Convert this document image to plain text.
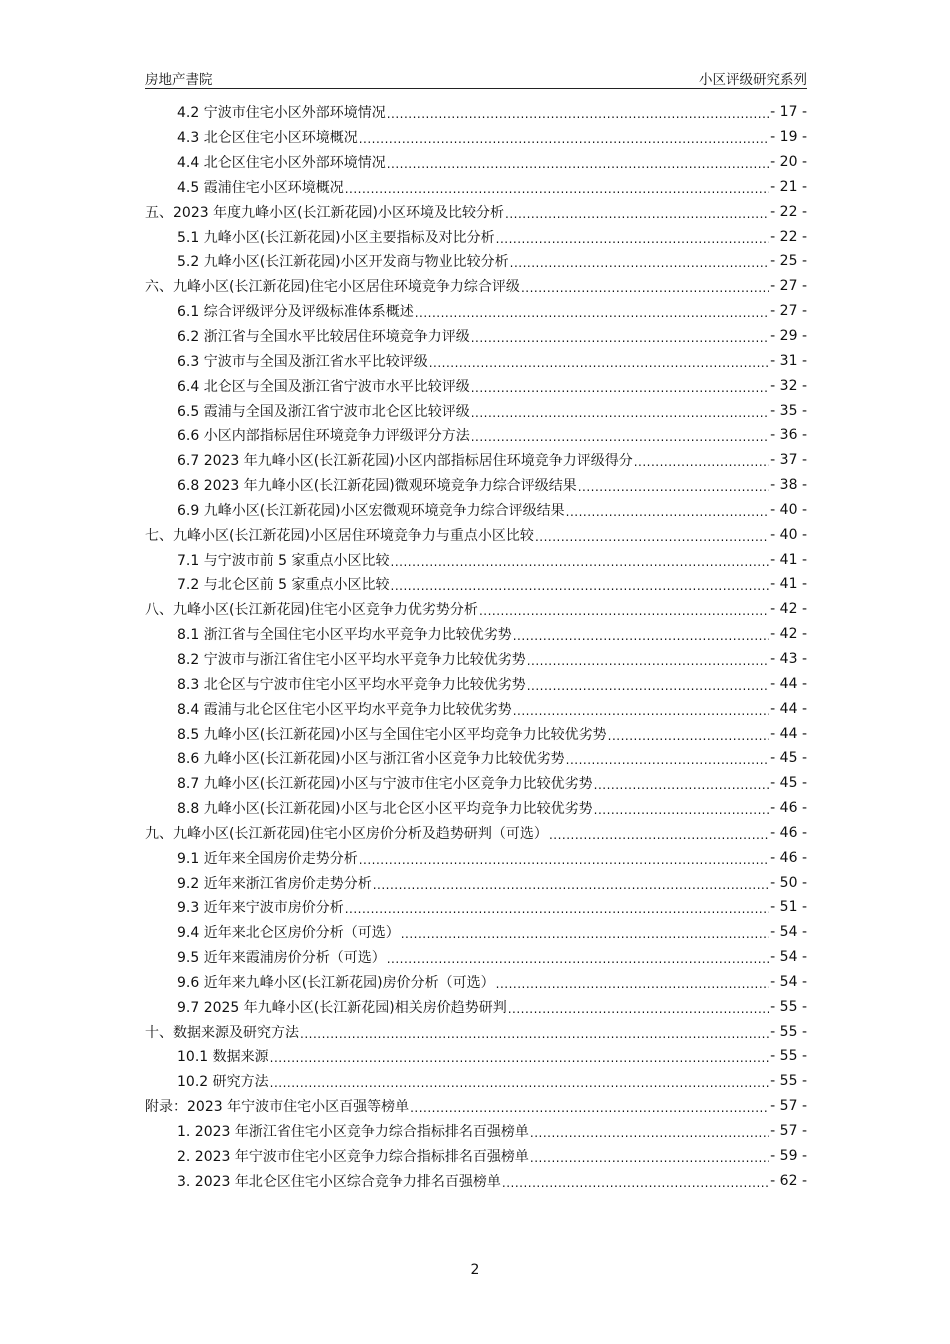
房地产書院	小区评级研究系列
4.2 宁波市住宅小区外部环境情况 .....	- 17 -
4.3 北仑区住宅小区环境概况 .....	- 19 -
4.4 北仑区住宅小区外部环境情况 .....	- 20 -
4.5 霞浦住宅小区环境概况 .....	- 21 -
五、2023 年度九峰小区(长江新花园)小区环境及比较分析 .....	- 22 -
5.1 九峰小区(长江新花园)小区主要指标及对比分析 .....	- 22 -
5.2 九峰小区(长江新花园)小区开发商与物业比较分析 .....	- 25 -
六、九峰小区(长江新花园)住宅小区居住环境竞争力综合评级 .....	- 27 -
6.1 综合评级评分及评级标准体系概述 .....	- 27 -
6.2 浙江省与全国水平比较居住环境竞争力评级 .....	- 29 -
6.3 宁波市与全国及浙江省水平比较评级 .....	- 31 -
6.4 北仑区与全国及浙江省宁波市水平比较评级 .....	- 32 -
6.5 霞浦与全国及浙江省宁波市北仑区比较评级 .....	- 35 -
6.6 小区内部指标居住环境竞争力评级评分方法 .....	- 36 -
6.7 2023 年九峰小区(长江新花园)小区内部指标居住环境竞争力评级得分 .....	- 37 -
6.8 2023 年九峰小区(长江新花园)微观环境竞争力综合评级结果 .....	- 38 -
6.9 九峰小区(长江新花园)小区宏微观环境竞争力综合评级结果 .....	- 40 -
七、九峰小区(长江新花园)小区居住环境竞争力与重点小区比较 .....	- 40 -
7.1 与宁波市前 5 家重点小区比较 .....	- 41 -
7.2 与北仑区前 5 家重点小区比较 .....	- 41 -
八、九峰小区(长江新花园)住宅小区竞争力优劣势分析 .....	- 42 -
8.1 浙江省与全国住宅小区平均水平竞争力比较优劣势 .....	- 42 -
8.2 宁波市与浙江省住宅小区平均水平竞争力比较优劣势 .....	- 43 -
8.3 北仑区与宁波市住宅小区平均水平竞争力比较优劣势 .....	- 44 -
8.4 霞浦与北仑区住宅小区平均水平竞争力比较优劣势 .....	- 44 -
8.5 九峰小区(长江新花园)小区与全国住宅小区平均竞争力比较优劣势 .....	- 44 -
8.6 九峰小区(长江新花园)小区与浙江省小区竞争力比较优劣势 .....	- 45 -
8.7 九峰小区(长江新花园)小区与宁波市住宅小区竞争力比较优劣势 .....	- 45 -
8.8 九峰小区(长江新花园)小区与北仑区小区平均竞争力比较优劣势 .....	- 46 -
九、九峰小区(长江新花园)住宅小区房价分析及趋势研判（可选） .....	- 46 -
9.1 近年来全国房价走势分析 .....	- 46 -
9.2 近年来浙江省房价走势分析 .....	- 50 -
9.3 近年来宁波市房价分析 .....	- 51 -
9.4 近年来北仑区房价分析（可选） .....	- 54 -
9.5 近年来霞浦房价分析（可选） .....	- 54 -
9.6 近年来九峰小区(长江新花园)房价分析（可选） .....	- 54 -
9.7 2025 年九峰小区(长江新花园)相关房价趋势研判 .....	- 55 -
十、数据来源及研究方法 .....	- 55 -
10.1 数据来源 .....	- 55 -
10.2 研究方法 .....	- 55 -
附录：2023 年宁波市住宅小区百强等榜单 .....	- 57 -
1. 2023 年浙江省住宅小区竞争力综合指标排名百强榜单 .....	- 57 -
2. 2023 年宁波市住宅小区竞争力综合指标排名百强榜单 .....	- 59 -
3. 2023 年北仑区住宅小区综合竞争力排名百强榜单 .....	- 62 -
2
